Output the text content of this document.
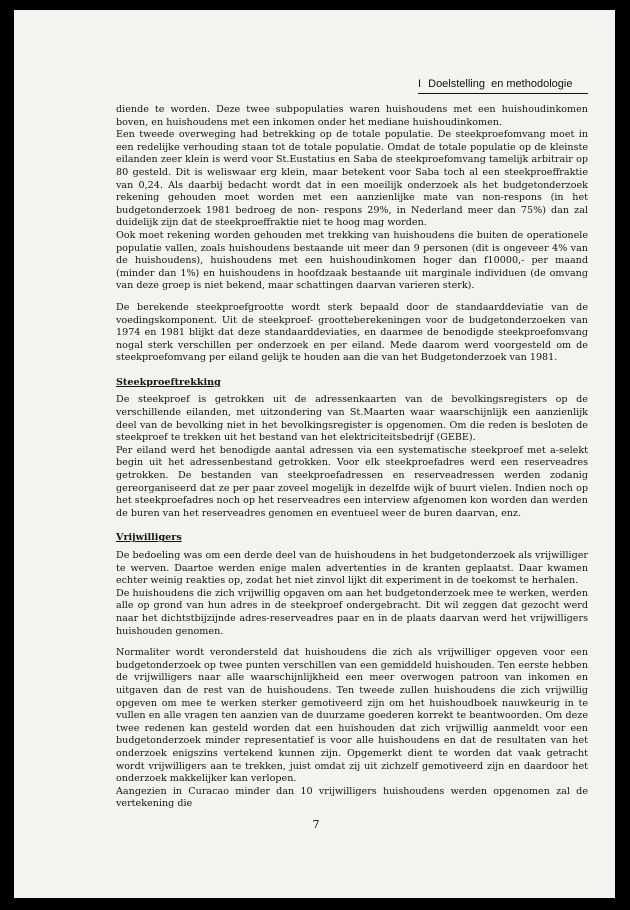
I Doelstelling  en methodologie

diende te worden. Deze twee subpopulaties waren huishoudens met een huishoudinkomen boven, en huishoudens met een inkomen onder het mediane huishoudinkomen.

Een tweede overweging had betrekking op de totale populatie. De steekproefomvang moet in een redelijke verhouding staan tot de totale populatie. Omdat de totale populatie op de kleinste eilanden zeer klein is werd voor St.Eustatius en Saba de steekproefomvang tamelijk arbitrair op 80 gesteld. Dit is weliswaar erg klein, maar betekent voor Saba toch al een steekproeffraktie van 0,24. Als daarbij bedacht wordt dat in een moeilijk onderzoek als het budgetonderzoek rekening gehouden moet worden met een aanzienlijke mate van non-respons (in het budgetonderzoek 1981 bedroeg de non- respons 29%, in Nederland meer dan 75%) dan zal duidelijk zijn dat de steekproeffraktie niet te hoog mag worden.

Ook moet rekening worden gehouden met trekking van huishoudens die buiten de operationele populatie vallen, zoals huishoudens bestaande uit meer dan 9 personen (dit is ongeveer 4% van de huishoudens), huishoudens met een huishoudinkomen hoger dan f10000,- per maand (minder dan 1%) en huishoudens in hoofdzaak bestaande uit marginale individuen (de omvang van deze groep is niet bekend, maar schattingen daarvan varieren sterk).

De berekende steekproefgrootte wordt sterk bepaald door de standaarddeviatie van de voedingskomponent. Uit de steekproef- grootteberekeningen voor de budgetonderzoeken van 1974 en 1981 blijkt dat deze standaarddeviaties, en daarmee de benodigde steekproefomvang nogal sterk verschillen per onderzoek en per eiland. Mede daarom werd voorgesteld om de steekproefomvang per eiland gelijk te houden aan die van het Budgetonderzoek van 1981.

Steekproeftrekking

De steekproef is getrokken uit de adressenkaarten van de bevolkingsregisters op de verschillende eilanden, met uitzondering van St.Maarten waar waarschijnlijk een aanzienlijk deel van de bevolking niet in het bevolkingsregister is opgenomen. Om die reden is besloten de steekproef te trekken uit het bestand van het elektriciteitsbedrijf (GEBE).

Per eiland werd het benodigde aantal adressen via een systematische steekproef met a-selekt begin uit het adressenbestand getrokken. Voor elk steekproefadres werd een reserveadres getrokken. De bestanden van steekproefadressen en reserveadressen werden zodanig gereorganiseerd dat ze per paar zoveel mogelijk in dezelfde wijk of buurt vielen. Indien noch op het steekproefadres noch op het reserveadres een interview afgenomen kon worden dan werden de buren van het reserveadres genomen en eventueel weer de buren daarvan, enz.

Vrijwilligers

De bedoeling was om een derde deel van de huishoudens in het budgetonderzoek als vrijwilliger te werven. Daartoe werden enige malen advertenties in de kranten geplaatst. Daar kwamen echter weinig reakties op, zodat het niet zinvol lijkt dit experiment in de toekomst te herhalen.

De huishoudens die zich vrijwillig opgaven om aan het budgetonderzoek mee te werken, werden alle op grond van hun adres in de steekproef ondergebracht. Dit wil zeggen dat gezocht werd naar het dichtstbijzijnde adres-reserveadres paar en in de plaats daarvan werd het vrijwilligers huishouden genomen.

Normaliter wordt verondersteld dat huishoudens die zich als vrijwilliger opgeven voor een budgetonderzoek op twee punten verschillen van een gemiddeld huishouden. Ten eerste hebben de vrijwilligers naar alle waarschijnlijkheid een meer overwogen patroon van inkomen en uitgaven dan de rest van de huishoudens. Ten tweede zullen huishoudens die zich vrijwillig opgeven om mee te werken sterker gemotiveerd zijn om het huishoudboek nauwkeurig in te vullen en alle vragen ten aanzien van de duurzame goederen korrekt te beantwoorden. Om deze twee redenen kan gesteld worden dat een huishouden dat zich vrijwillig aanmeldt voor een budgetonderzoek minder representatief is voor alle huishoudens en dat de resultaten van het onderzoek enigszins vertekend kunnen zijn. Opgemerkt dient te worden dat vaak getracht wordt vrijwilligers aan te trekken, juist omdat zij uit zichzelf gemotiveerd zijn en daardoor het onderzoek makkelijker kan verlopen.

Aangezien in Curacao minder dan 10 vrijwilligers huishoudens werden opgenomen zal de vertekening die

7
